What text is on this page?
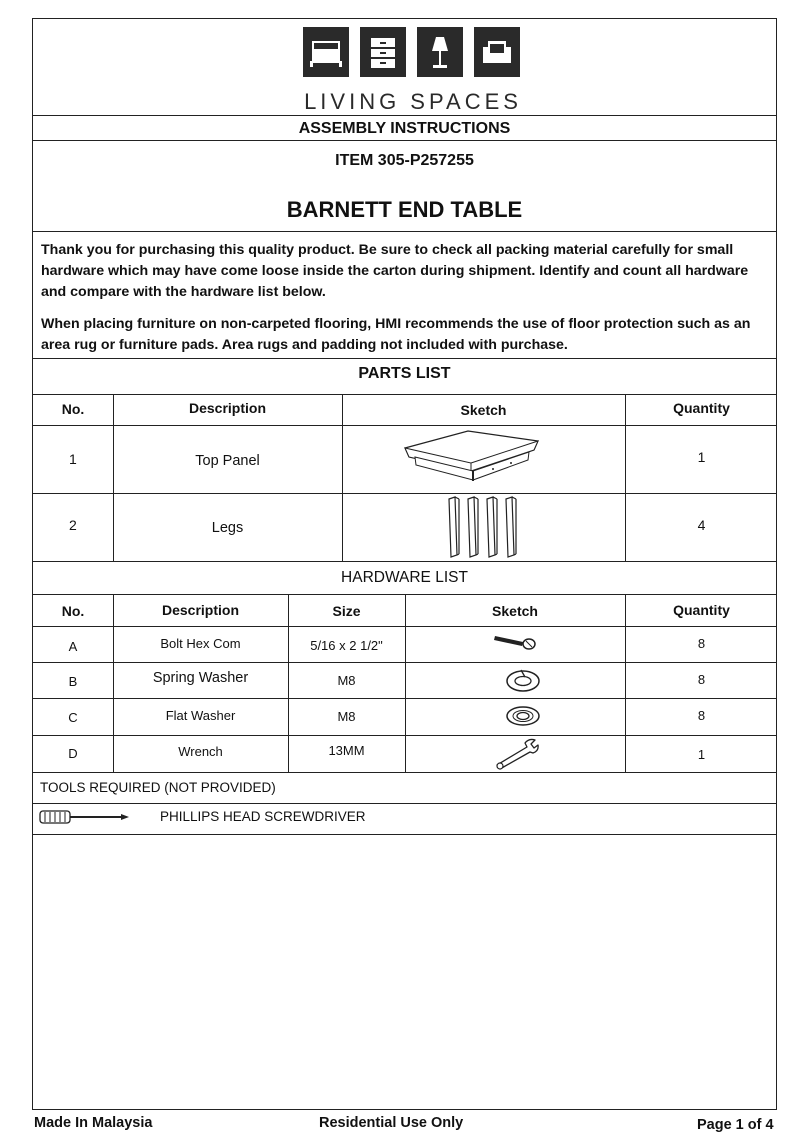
LIVING SPACES
ASSEMBLY INSTRUCTIONS
ITEM 305-P257255
BARNETT END TABLE
Thank you for purchasing this quality product. Be sure to check all packing material carefully for small hardware which may have come loose inside the carton during shipment. Identify and count all hardware and compare with the hardware list below.
When placing furniture on non-carpeted flooring, HMI recommends the use of floor protection such as an area rug or furniture pads. Area rugs and padding not included with purchase.
PARTS LIST
No.	Description	Sketch	Quantity
1	Top Panel	1
2	Legs	4
HARDWARE LIST
No.	Description	Size	Sketch	Quantity
A	Bolt Hex Com	5/16 x 2 1/2"	8
B	Spring Washer	M8	8
C	Flat Washer	M8	8
D	Wrench	13MM	1
TOOLS REQUIRED (NOT PROVIDED)
PHILLIPS HEAD SCREWDRIVER
Made In Malaysia	Residential Use Only	Page 1 of 4
